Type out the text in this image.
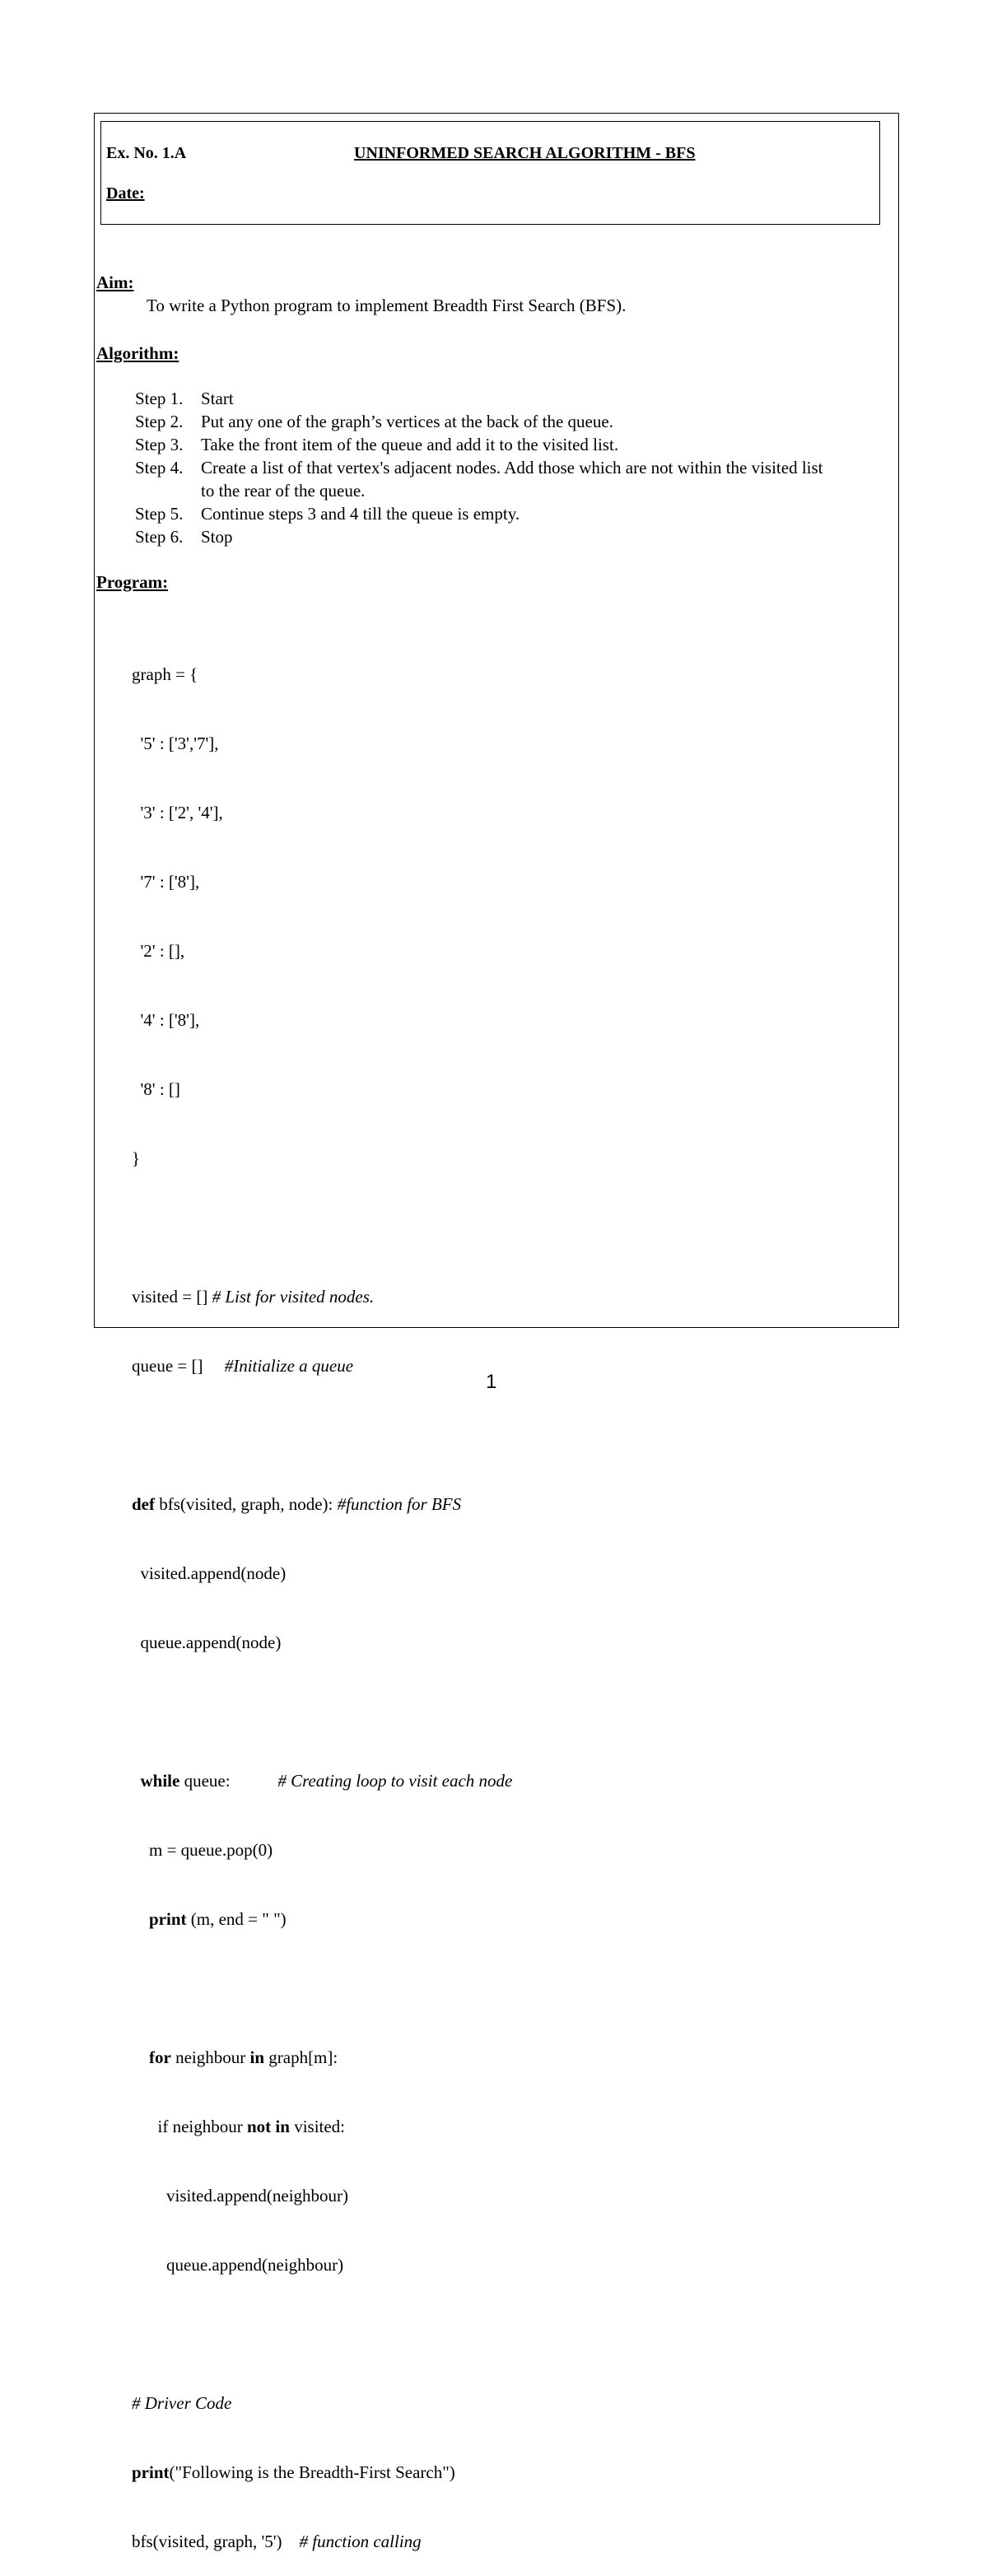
Ex. No. 1.A	UNINFORMED SEARCH ALGORITHM - BFS
Date:
Aim:
To write a Python program to implement Breadth First Search (BFS).
Algorithm:
Step 1.	Start
Step 2.	Put any one of the graph’s vertices at the back of the queue.
Step 3.	Take the front item of the queue and add it to the visited list.
Step 4.	Create a list of that vertex's adjacent nodes. Add those which are not within the visited list to the rear of the queue.
Step 5.	Continue steps 3 and 4 till the queue is empty.
Step 6.	Stop
Program:

graph = {

'5' : ['3','7'],

'3' : ['2', '4'],

'7' : ['8'],

'2' : [],

'4' : ['8'],

'8' : []

}

visited = [] # List for visited nodes.

queue = []     #Initialize a queue

def bfs(visited, graph, node): #function for BFS

visited.append(node)

queue.append(node)

while queue:           # Creating loop to visit each node

m = queue.pop(0)

print (m, end = " ")

for neighbour in graph[m]:

if neighbour not in visited:

visited.append(neighbour)

queue.append(neighbour)

# Driver Code

print("Following is the Breadth-First Search")

bfs(visited, graph, '5')    # function calling

1
